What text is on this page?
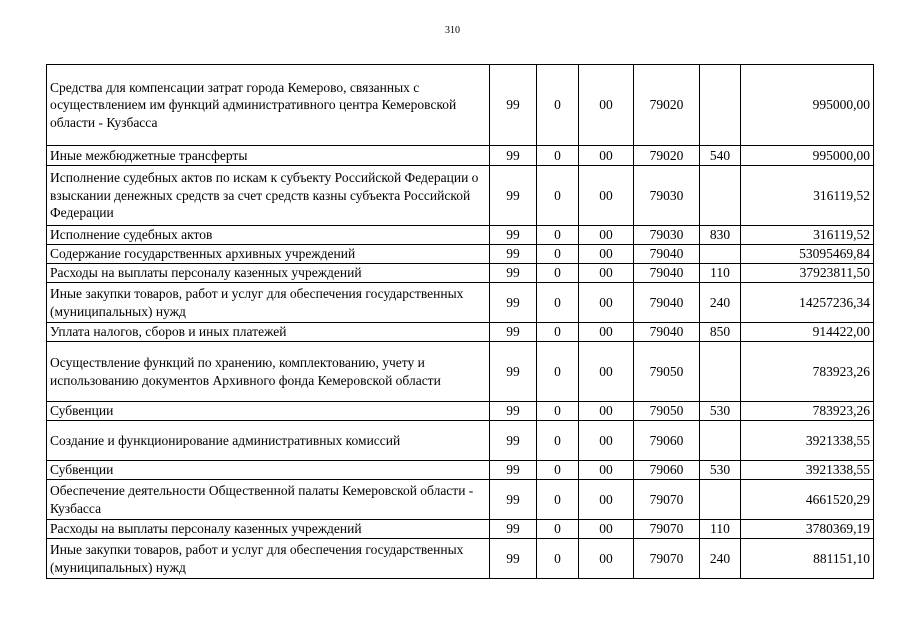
310
Средства для компенсации затрат города Кемерово, связанных с осуществлением им функций административного центра Кемеровской области - Кузбасса	99	0	00	79020		995000,00
Иные межбюджетные трансферты	99	0	00	79020	540	995000,00
Исполнение судебных актов по искам к субъекту Российской Федерации о взыскании денежных средств за счет средств казны субъекта Российской Федерации	99	0	00	79030		316119,52
Исполнение судебных актов	99	0	00	79030	830	316119,52
Содержание государственных архивных учреждений	99	0	00	79040		53095469,84
Расходы на выплаты персоналу казенных учреждений	99	0	00	79040	110	37923811,50
Иные закупки товаров, работ и услуг для обеспечения государственных (муниципальных) нужд	99	0	00	79040	240	14257236,34
Уплата налогов, сборов и иных платежей	99	0	00	79040	850	914422,00
Осуществление функций по хранению, комплектованию, учету и использованию документов Архивного фонда Кемеровской области	99	0	00	79050		783923,26
Субвенции	99	0	00	79050	530	783923,26
Создание и функционирование административных комиссий	99	0	00	79060		3921338,55
Субвенции	99	0	00	79060	530	3921338,55
Обеспечение деятельности Общественной палаты Кемеровской области - Кузбасса	99	0	00	79070		4661520,29
Расходы на выплаты персоналу казенных учреждений	99	0	00	79070	110	3780369,19
Иные закупки товаров, работ и услуг для обеспечения государственных (муниципальных) нужд	99	0	00	79070	240	881151,10
